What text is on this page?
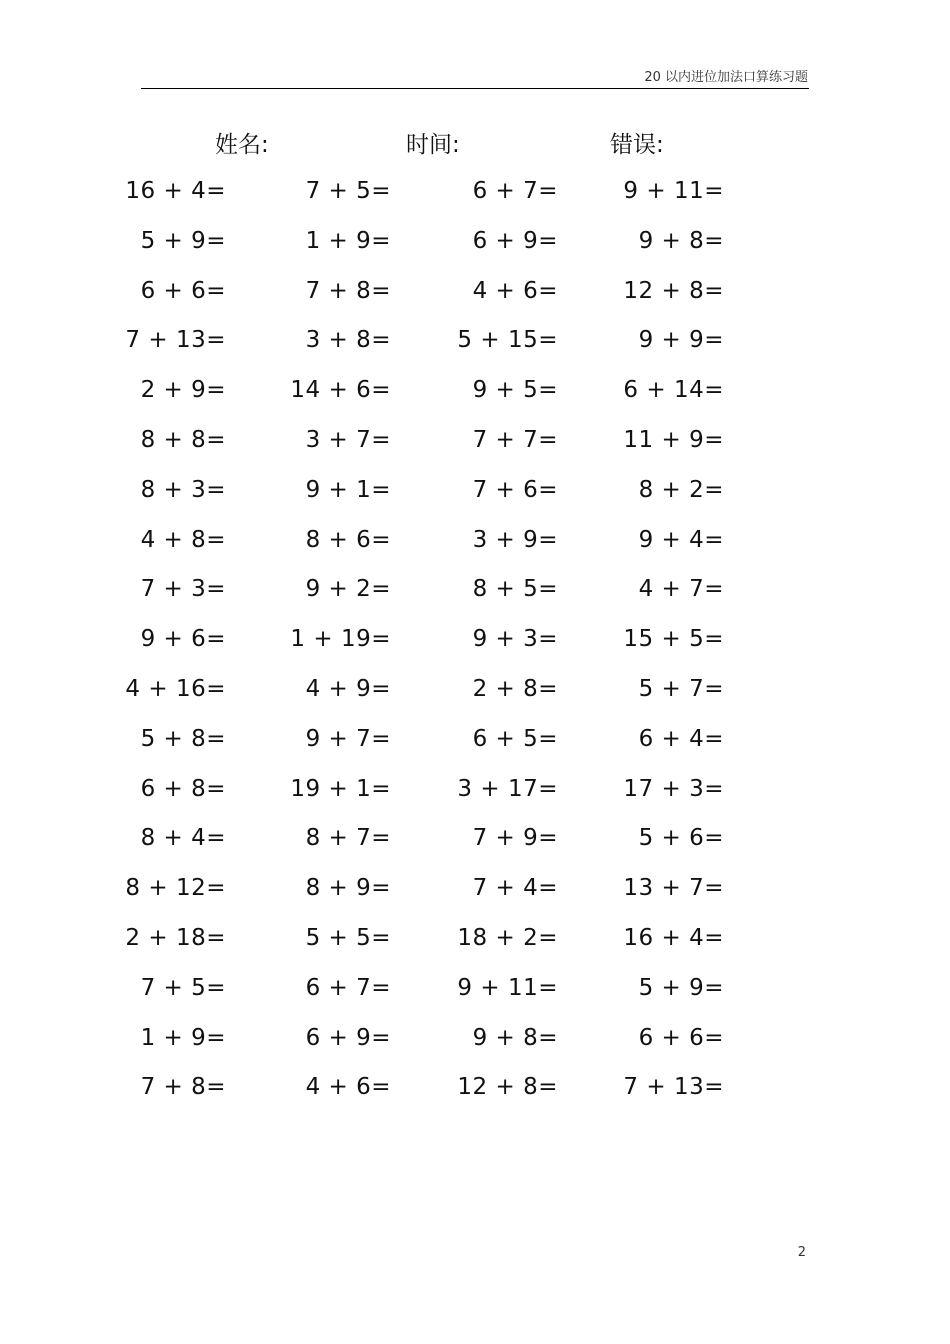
20 以内进位加法口算练习题
姓名:	时间:	错误:
16 + 4=	7 + 5=	6 + 7=	9 + 11=
5 + 9=	1 + 9=	6 + 9=	9 + 8=
6 + 6=	7 + 8=	4 + 6=	12 + 8=
7 + 13=	3 + 8=	5 + 15=	9 + 9=
2 + 9=	14 + 6=	9 + 5=	6 + 14=
8 + 8=	3 + 7=	7 + 7=	11 + 9=
8 + 3=	9 + 1=	7 + 6=	8 + 2=
4 + 8=	8 + 6=	3 + 9=	9 + 4=
7 + 3=	9 + 2=	8 + 5=	4 + 7=
9 + 6=	1 + 19=	9 + 3=	15 + 5=
4 + 16=	4 + 9=	2 + 8=	5 + 7=
5 + 8=	9 + 7=	6 + 5=	6 + 4=
6 + 8=	19 + 1=	3 + 17=	17 + 3=
8 + 4=	8 + 7=	7 + 9=	5 + 6=
8 + 12=	8 + 9=	7 + 4=	13 + 7=
2 + 18=	5 + 5=	18 + 2=	16 + 4=
7 + 5=	6 + 7=	9 + 11=	5 + 9=
1 + 9=	6 + 9=	9 + 8=	6 + 6=
7 + 8=	4 + 6=	12 + 8=	7 + 13=
2
